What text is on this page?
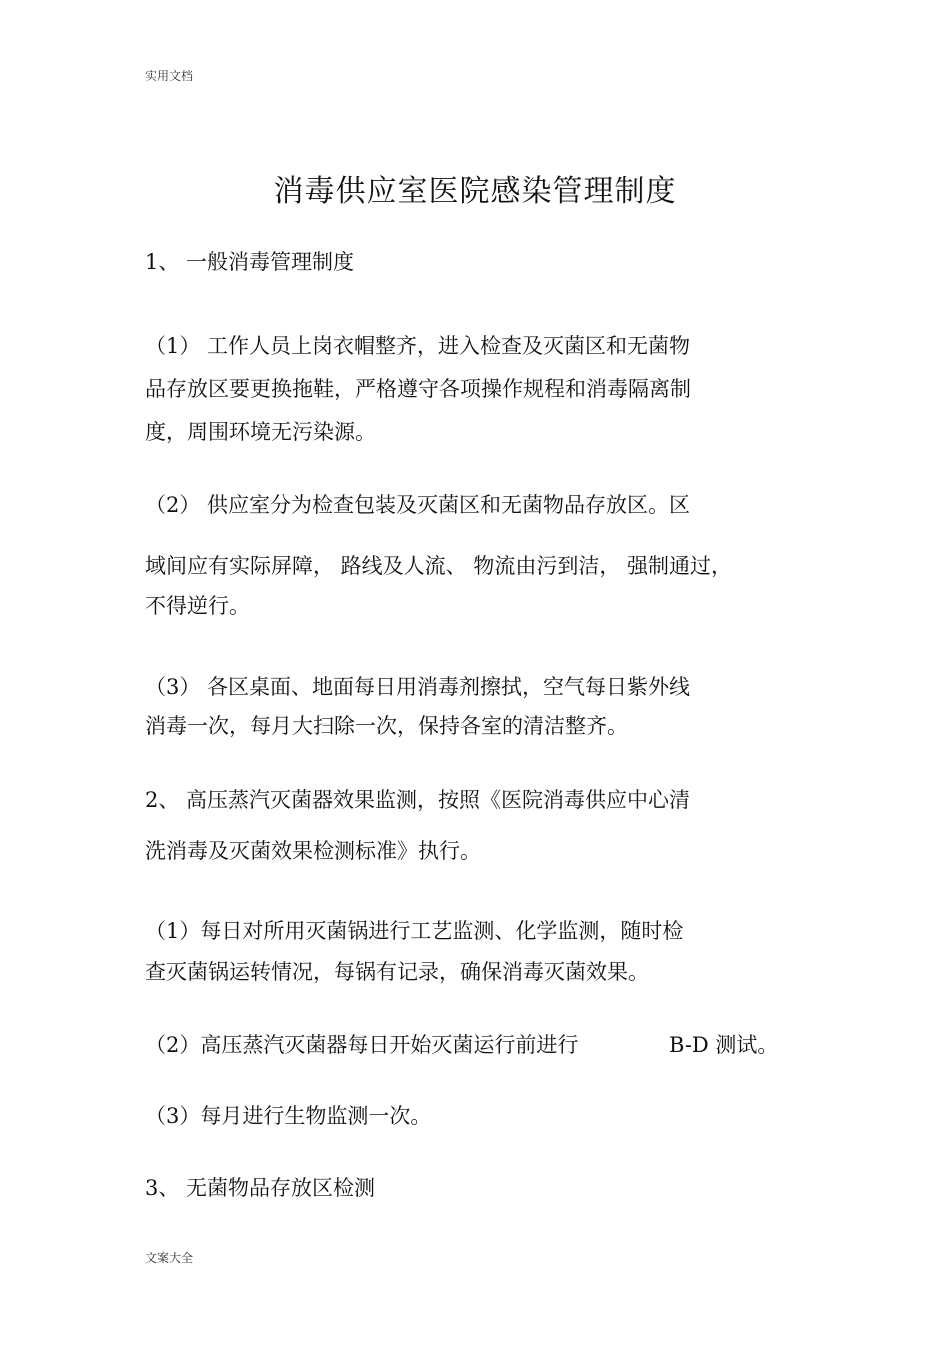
实用文档
消毒供应室医院感染管理制度
1、 一般消毒管理制度
（1） 工作人员上岗衣帽整齐，进入检查及灭菌区和无菌物
品存放区要更换拖鞋，严格遵守各项操作规程和消毒隔离制
度，周围环境无污染源。
（2） 供应室分为检查包装及灭菌区和无菌物品存放区。区
域间应有实际屏障， 路线及人流、 物流由污到洁， 强制通过，
不得逆行。
（3） 各区桌面、地面每日用消毒剂擦拭，空气每日紫外线
消毒一次，每月大扫除一次，保持各室的清洁整齐。
2、 高压蒸汽灭菌器效果监测，按照《医院消毒供应中心清
洗消毒及灭菌效果检测标准》执行。
（1）每日对所用灭菌锅进行工艺监测、化学监测，随时检
查灭菌锅运转情况，每锅有记录，确保消毒灭菌效果。
（2）高压蒸汽灭菌器每日开始灭菌运行前进行	B-D 测试。
（3）每月进行生物监测一次。
3、 无菌物品存放区检测
文案大全
